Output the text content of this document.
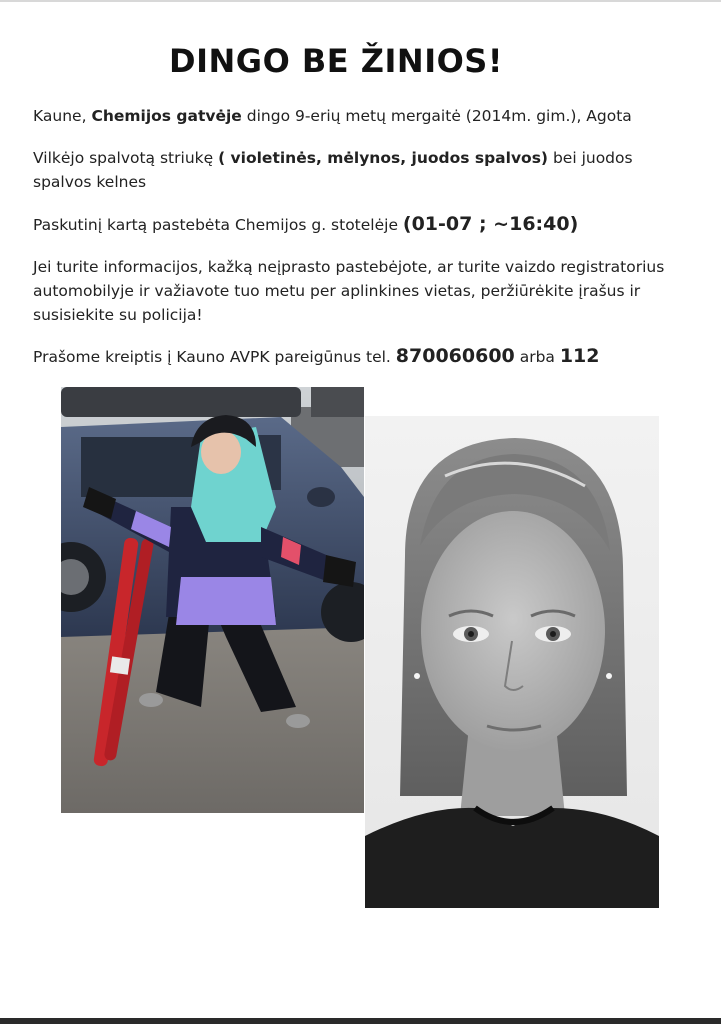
DINGO BE ŽINIOS!
Kaune, Chemijos gatvėje dingo 9-erių metų mergaitė (2014m. gim.), Agota
Vilkėjo spalvotą striukę ( violetinės, mėlynos, juodos spalvos) bei juodos spalvos kelnes
Paskutinį kartą pastebėta Chemijos g. stotelėje (01-07 ; ~16:40)
Jei turite informacijos, kažką neįprasto pastebėjote, ar turite vaizdo registratorius automobilyje ir važiavote tuo metu per aplinkines vietas, peržiūrėkite įrašus ir susisiekite su policija!
Prašome kreiptis į Kauno AVPK pareigūnus tel. 870060600 arba 112
